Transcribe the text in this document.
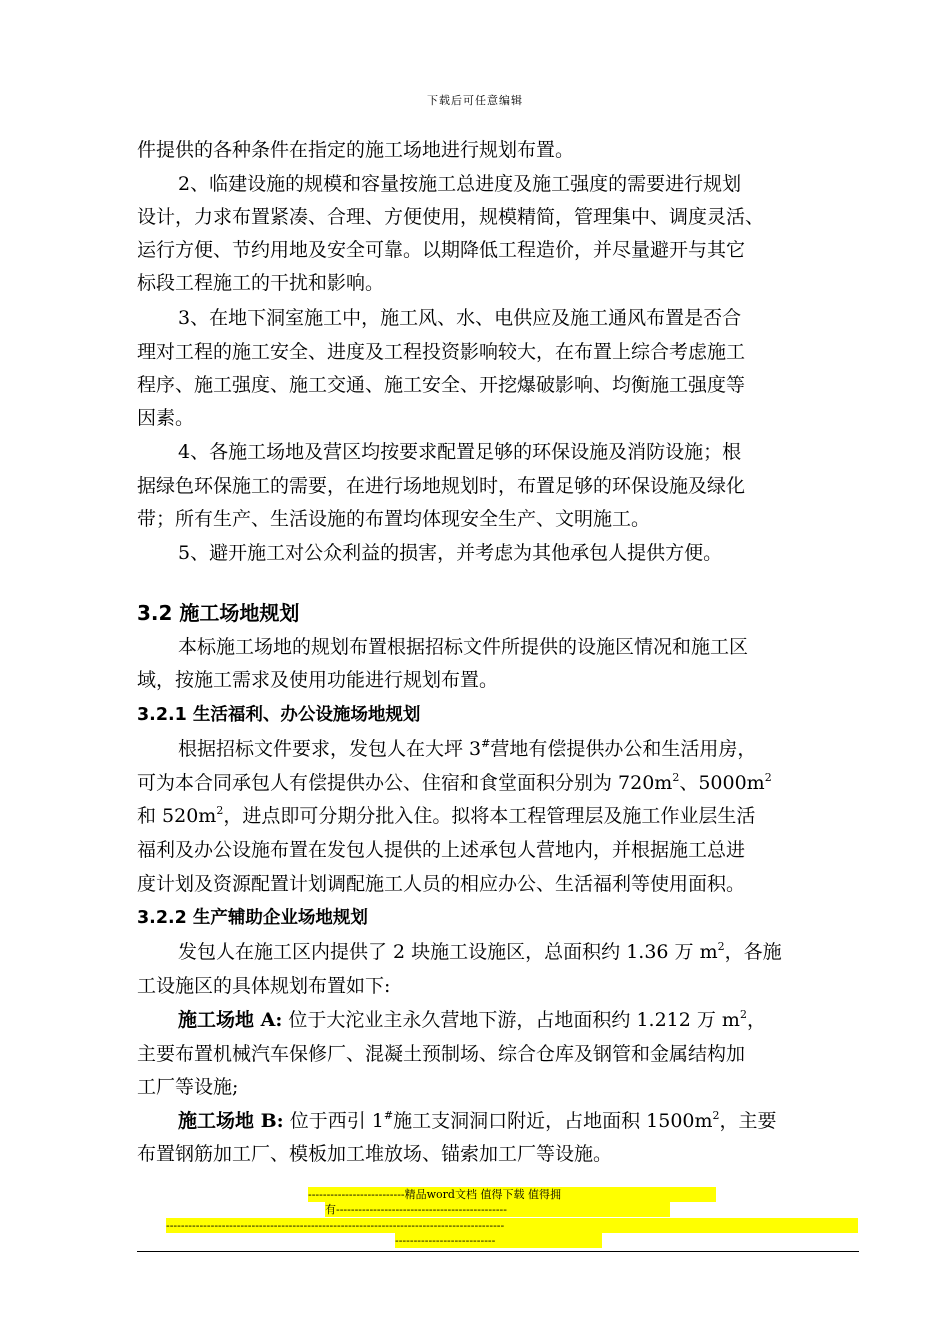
下载后可任意编辑
件提供的各种条件在指定的施工场地进行规划布置。
2、临建设施的规模和容量按施工总进度及施工强度的需要进行规划
设计，力求布置紧凑、合理、方便使用，规模精简，管理集中、调度灵活、
运行方便、节约用地及安全可靠。以期降低工程造价，并尽量避开与其它
标段工程施工的干扰和影响。
3、在地下洞室施工中，施工风、水、电供应及施工通风布置是否合
理对工程的施工安全、进度及工程投资影响较大，在布置上综合考虑施工
程序、施工强度、施工交通、施工安全、开挖爆破影响、均衡施工强度等
因素。
4、各施工场地及营区均按要求配置足够的环保设施及消防设施；根
据绿色环保施工的需要，在进行场地规划时，布置足够的环保设施及绿化
带；所有生产、生活设施的布置均体现安全生产、文明施工。
5、避开施工对公众利益的损害，并考虑为其他承包人提供方便。
3.2 施工场地规划
本标施工场地的规划布置根据招标文件所提供的设施区情况和施工区
域，按施工需求及使用功能进行规划布置。
3.2.1 生活福利、办公设施场地规划
根据招标文件要求，发包人在大坪 3#营地有偿提供办公和生活用房，
可为本合同承包人有偿提供办公、住宿和食堂面积分别为 $720m^2$、$5000m^2$
和 $520m^2$，进点即可分期分批入住。拟将本工程管理层及施工作业层生活
福利及办公设施布置在发包人提供的上述承包人营地内，并根据施工总进
度计划及资源配置计划调配施工人员的相应办公、生活福利等使用面积。
3.2.2 生产辅助企业场地规划
发包人在施工区内提供了 2 块施工设施区，总面积约 1.36 万 $m^2$，各施
工设施区的具体规划布置如下:
施工场地 A: 位于大沱业主永久营地下游，占地面积约 1.212 万 $m^2$，
主要布置机械汽车保修厂、混凝土预制场、综合仓库及钢管和金属结构加
工厂等设施;
施工场地 B: 位于西引 1#施工支洞洞口附近，占地面积 $1500m^2$，主要
布置钢筋加工厂、模板加工堆放场、锚索加工厂等设施。
--------------------------精品word文档 值得下载 值得拥
有----------------------------------------------
-------------------------------------------------------------------------------------------
---------------------------
